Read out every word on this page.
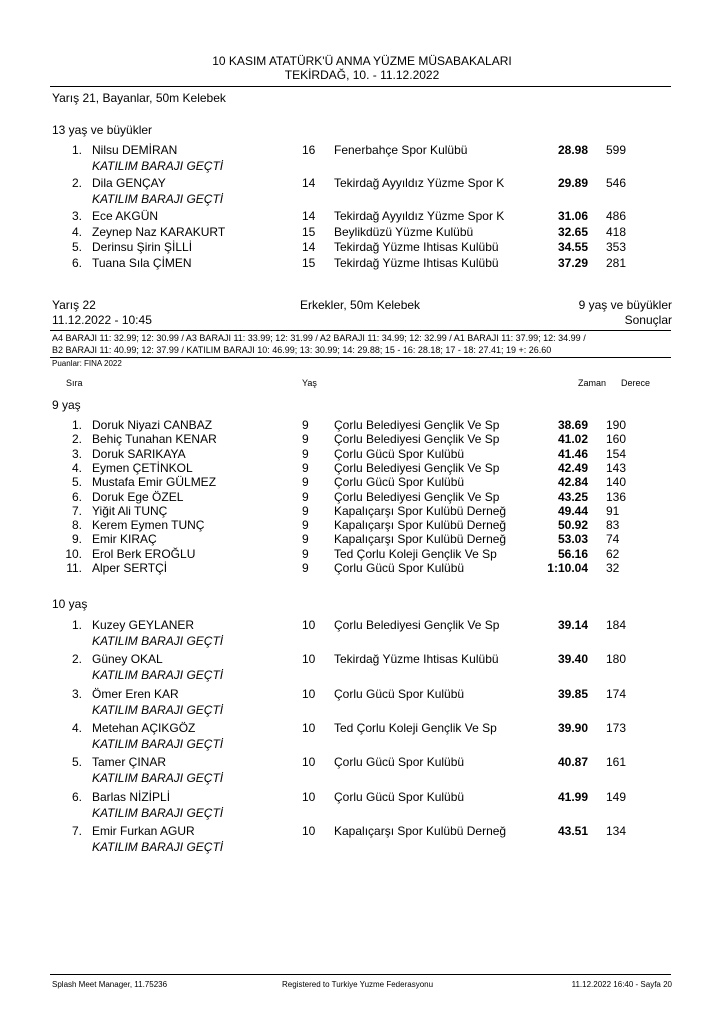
10 KASIM ATATÜRK'Ü ANMA YÜZME MÜSABAKALARI
TEKİRDAĞ, 10. - 11.12.2022
Yarış 21, Bayanlar, 50m Kelebek
13 yaş ve büyükler
1. Nilsu DEMİRAN	16 Fenerbahçe Spor Kulübü	28.98 599
KATILIM BARAJI GEÇTİ
2. Dila GENÇAY	14 Tekirdağ Ayyıldız Yüzme Spor K	29.89 546
KATILIM BARAJI GEÇTİ
3. Ece AKGÜN	14 Tekirdağ Ayyıldız Yüzme Spor K	31.06 486
4. Zeynep Naz KARAKURT	15 Beylikdüzü Yüzme Kulübü	32.65 418
5. Derinsu Şirin ŞİLLİ	14 Tekirdağ Yüzme Ihtisas Kulübü	34.55 353
6. Tuana Sıla ÇİMEN	15 Tekirdağ Yüzme Ihtisas Kulübü	37.29 281
Yarış 22
11.12.2022 - 10:45
Erkekler, 50m Kelebek	9 yaş ve büyükler
Sonuçlar
A4 BARAJI 11: 32.99; 12: 30.99 / A3 BARAJI 11: 33.99; 12: 31.99 / A2 BARAJI 11: 34.99; 12: 32.99 / A1 BARAJI 11: 37.99; 12: 34.99 /
B2 BARAJI 11: 40.99; 12: 37.99 / KATILIM BARAJI 10: 46.99; 13: 30.99; 14: 29.88; 15 - 16: 28.18; 17 - 18: 27.41; 19 +: 26.60
Puanlar: FINA 2022
Sıra	Yaş	Zaman Derece
9 yaş
1. Doruk Niyazi CANBAZ	9 Çorlu Belediyesi Gençlik Ve Sp	38.69 190
2. Behiç Tunahan KENAR	9 Çorlu Belediyesi Gençlik Ve Sp	41.02 160
3. Doruk SARIKAYA	9 Çorlu Gücü Spor Kulübü	41.46 154
4. Eymen ÇETİNKOL	9 Çorlu Belediyesi Gençlik Ve Sp	42.49 143
5. Mustafa Emir GÜLMEZ	9 Çorlu Gücü Spor Kulübü	42.84 140
6. Doruk Ege ÖZEL	9 Çorlu Belediyesi Gençlik Ve Sp	43.25 136
7. Yiğit Ali TUNÇ	9 Kapalıçarşı Spor Kulübü Derneğ	49.44 91
8. Kerem Eymen TUNÇ	9 Kapalıçarşı Spor Kulübü Derneğ	50.92 83
9. Emir KIRAÇ	9 Kapalıçarşı Spor Kulübü Derneğ	53.03 74
10. Erol Berk EROĞLU	9 Ted Çorlu Koleji Gençlik Ve Sp	56.16 62
11. Alper SERTÇİ	9 Çorlu Gücü Spor Kulübü	1:10.04 32
10 yaş
1. Kuzey GEYLANER	10 Çorlu Belediyesi Gençlik Ve Sp	39.14 184
KATILIM BARAJI GEÇTİ
2. Güney OKAL	10 Tekirdağ Yüzme Ihtisas Kulübü	39.40 180
KATILIM BARAJI GEÇTİ
3. Ömer Eren KAR	10 Çorlu Gücü Spor Kulübü	39.85 174
KATILIM BARAJI GEÇTİ
4. Metehan AÇIKGÖZ	10 Ted Çorlu Koleji Gençlik Ve Sp	39.90 173
KATILIM BARAJI GEÇTİ
5. Tamer ÇINAR	10 Çorlu Gücü Spor Kulübü	40.87 161
KATILIM BARAJI GEÇTİ
6. Barlas NİZİPLİ	10 Çorlu Gücü Spor Kulübü	41.99 149
KATILIM BARAJI GEÇTİ
7. Emir Furkan AGUR	10 Kapalıçarşı Spor Kulübü Derneğ	43.51 134
KATILIM BARAJI GEÇTİ
Splash Meet Manager, 11.75236	Registered to Turkiye Yuzme Federasyonu	11.12.2022 16:40 - Sayfa 20
